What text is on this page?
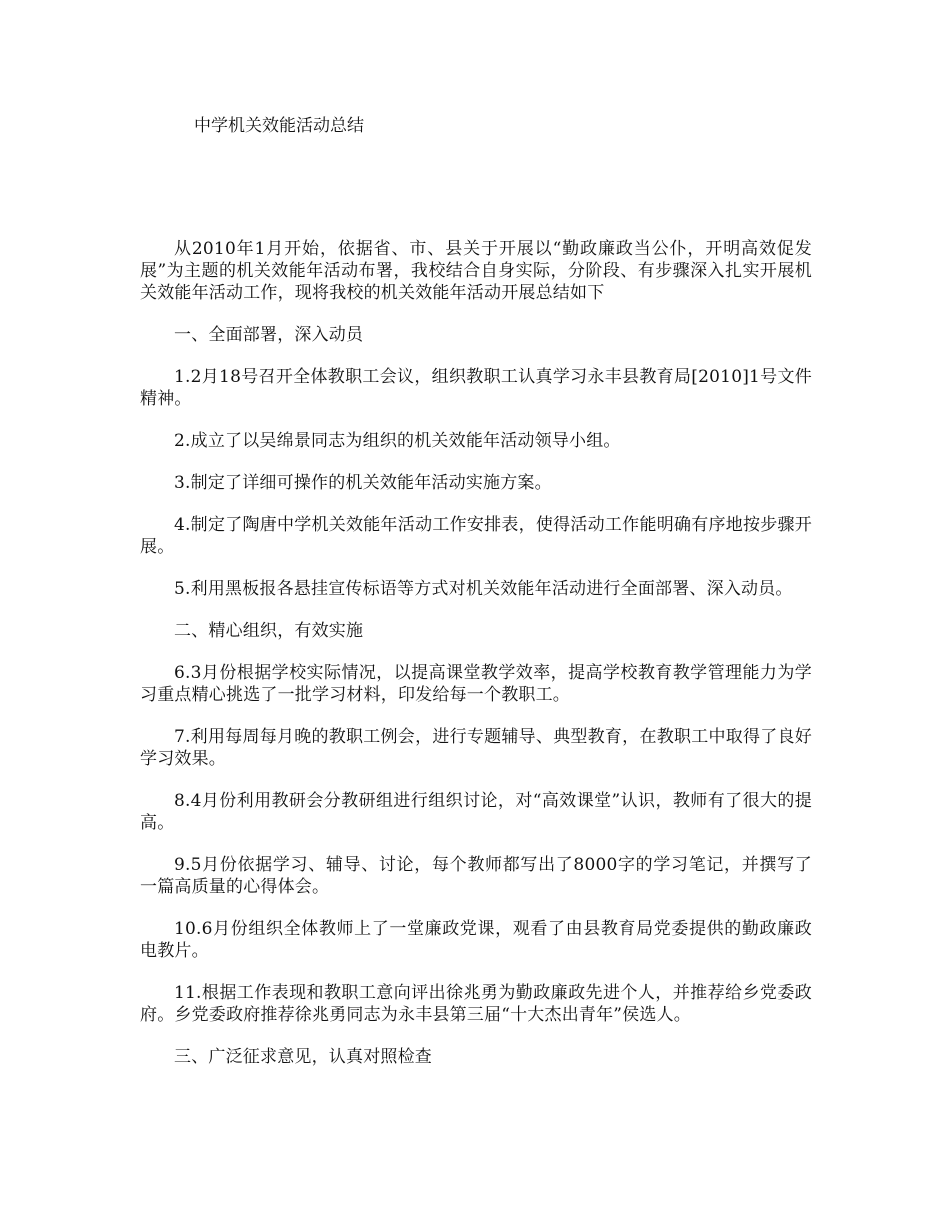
中学机关效能活动总结

从2010年1月开始，依据省、市、县关于开展以“勤政廉政当公仆，开明高效促发展”为主题的机关效能年活动布署，我校结合自身实际，分阶段、有步骤深入扎实开展机关效能年活动工作，现将我校的机关效能年活动开展总结如下

一、全面部署，深入动员

1.2月18号召开全体教职工会议，组织教职工认真学习永丰县教育局[2010]1号文件精神。

2.成立了以吴绵景同志为组织的机关效能年活动领导小组。

3.制定了详细可操作的机关效能年活动实施方案。

4.制定了陶唐中学机关效能年活动工作安排表，使得活动工作能明确有序地按步骤开展。

5.利用黑板报各悬挂宣传标语等方式对机关效能年活动进行全面部署、深入动员。

二、精心组织，有效实施

6.3月份根据学校实际情况，以提高课堂教学效率，提高学校教育教学管理能力为学习重点精心挑选了一批学习材料，印发给每一个教职工。

7.利用每周每月晚的教职工例会，进行专题辅导、典型教育，在教职工中取得了良好学习效果。

8.4月份利用教研会分教研组进行组织讨论，对“高效课堂”认识，教师有了很大的提高。

9.5月份依据学习、辅导、讨论，每个教师都写出了8000字的学习笔记，并撰写了一篇高质量的心得体会。

10.6月份组织全体教师上了一堂廉政党课，观看了由县教育局党委提供的勤政廉政电教片。

11.根据工作表现和教职工意向评出徐兆勇为勤政廉政先进个人，并推荐给乡党委政府。乡党委政府推荐徐兆勇同志为永丰县第三届“十大杰出青年”侯选人。

三、广泛征求意见，认真对照检查
